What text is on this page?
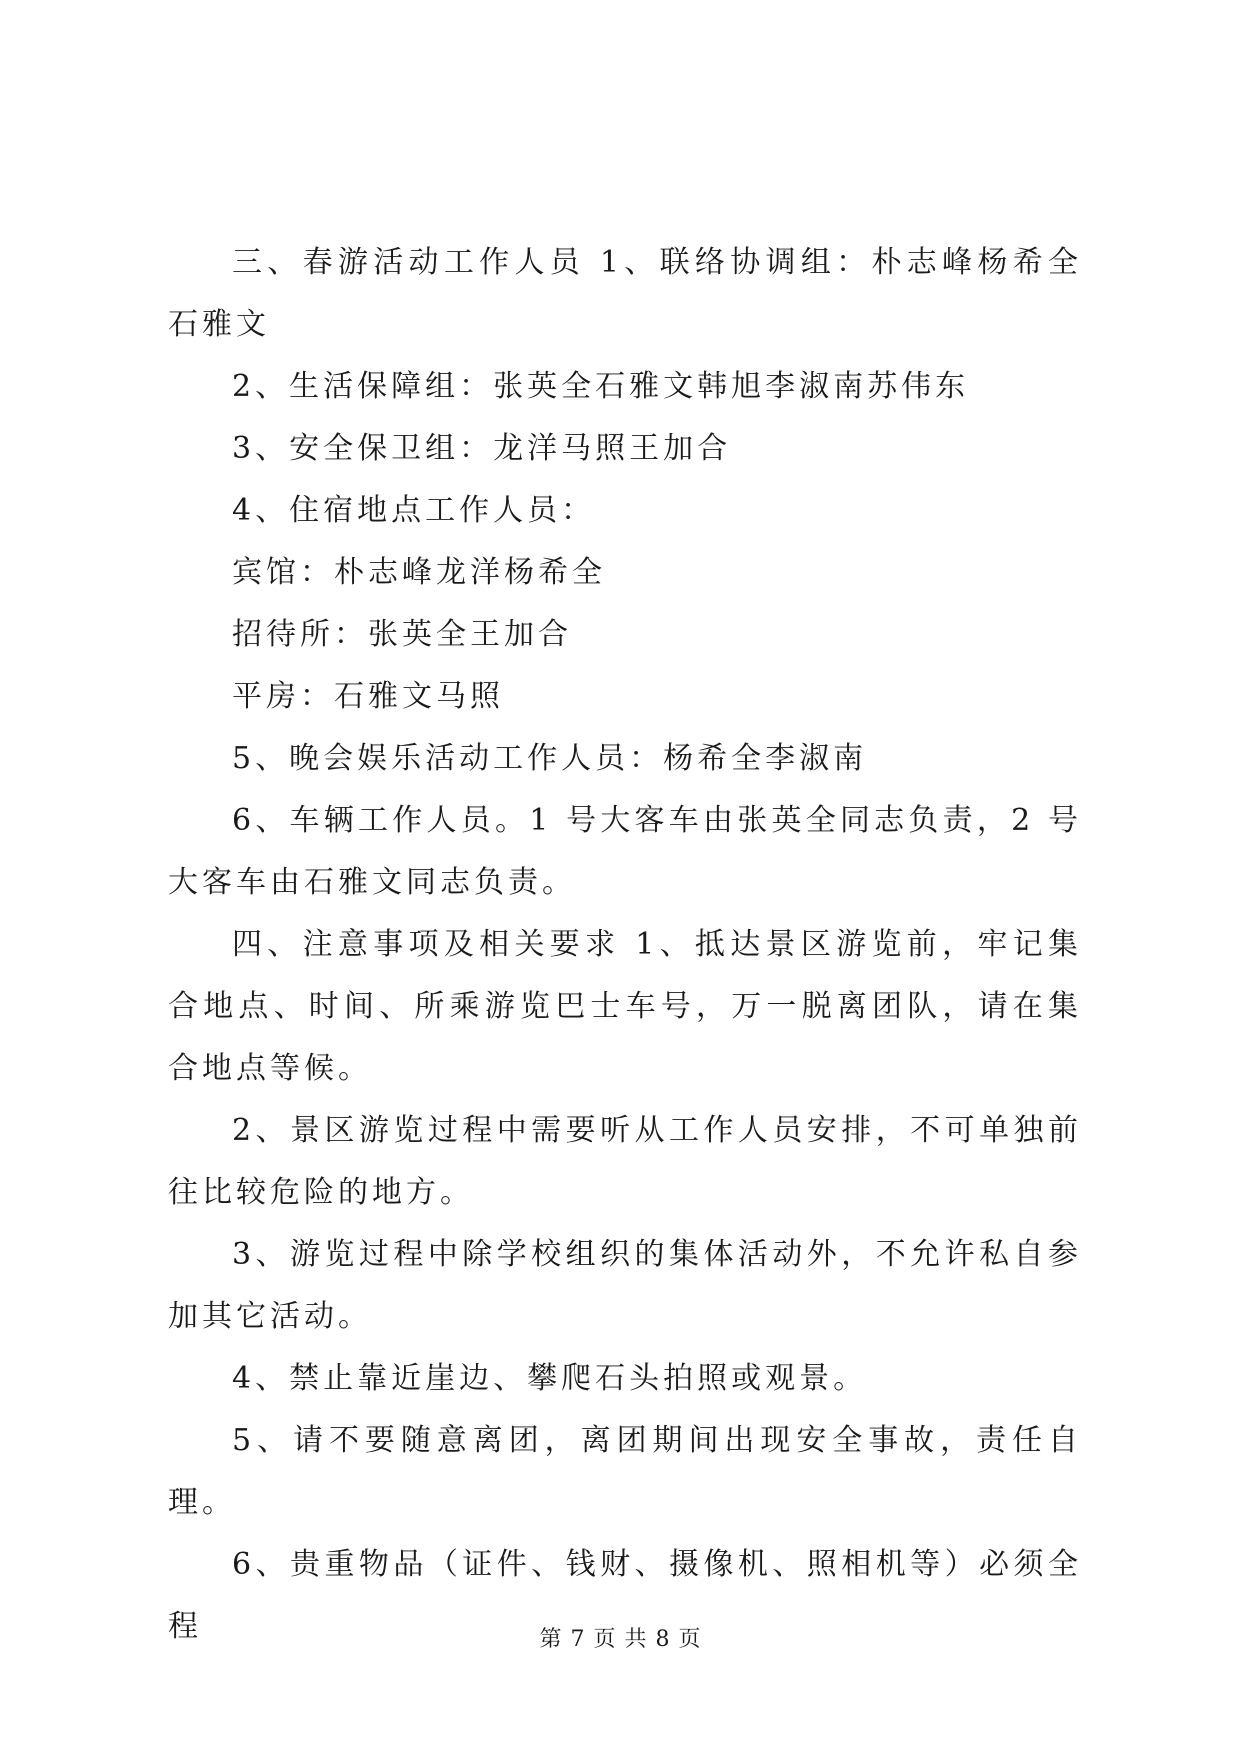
三、春游活动工作人员 1、联络协调组：朴志峰杨希全石雅文

2、生活保障组：张英全石雅文韩旭李淑南苏伟东

3、安全保卫组：龙洋马照王加合

4、住宿地点工作人员：

宾馆：朴志峰龙洋杨希全

招待所：张英全王加合

平房：石雅文马照

5、晚会娱乐活动工作人员：杨希全李淑南

6、车辆工作人员。1 号大客车由张英全同志负责，2 号大客车由石雅文同志负责。

四、注意事项及相关要求 1、抵达景区游览前，牢记集合地点、时间、所乘游览巴士车号，万一脱离团队，请在集合地点等候。

2、景区游览过程中需要听从工作人员安排，不可单独前往比较危险的地方。

3、游览过程中除学校组织的集体活动外，不允许私自参加其它活动。

4、禁止靠近崖边、攀爬石头拍照或观景。

5、请不要随意离团，离团期间出现安全事故，责任自理。

6、贵重物品（证件、钱财、摄像机、照相机等）必须全程	第 7 页 共 8 页
